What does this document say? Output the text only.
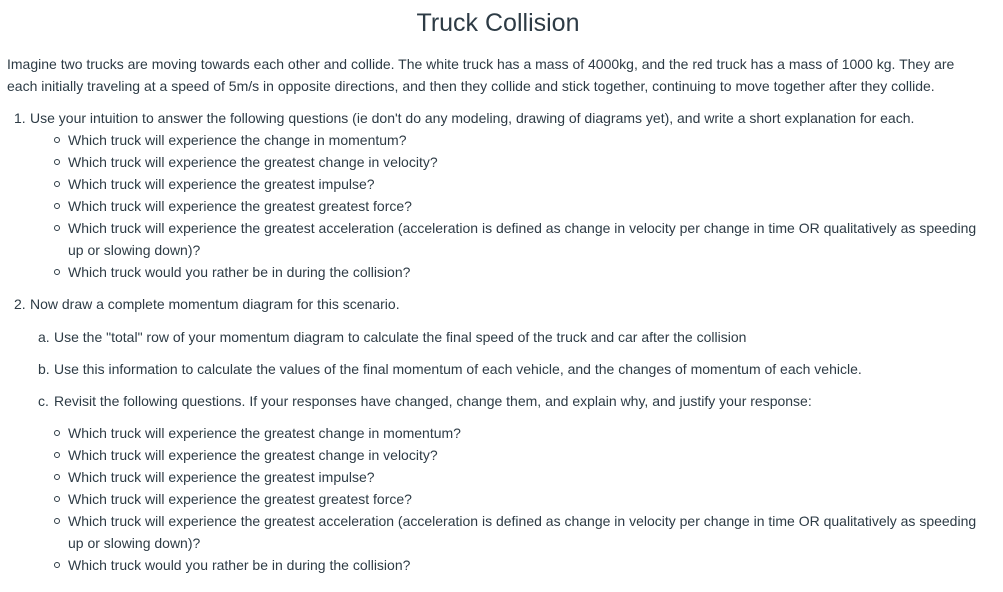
Truck Collision

Imagine two trucks are moving towards each other and collide. The white truck has a mass of 4000kg, and the red truck has a mass of 1000 kg. They are each initially traveling at a speed of 5m/s in opposite directions, and then they collide and stick together, continuing to move together after they collide.

1. Use your intuition to answer the following questions (ie don't do any modeling, drawing of diagrams yet), and write a short explanation for each.
Which truck will experience the change in momentum?
Which truck will experience the greatest change in velocity?
Which truck will experience the greatest impulse?
Which truck will experience the greatest greatest force?
Which truck will experience the greatest acceleration (acceleration is defined as change in velocity per change in time OR qualitatively as speeding up or slowing down)?
Which truck would you rather be in during the collision?
2. Now draw a complete momentum diagram for this scenario.

a. Use the "total" row of your momentum diagram to calculate the final speed of the truck and car after the collision

b. Use this information to calculate the values of the final momentum of each vehicle, and the changes of momentum of each vehicle.

c. Revisit the following questions. If your responses have changed, change them, and explain why, and justify your response:

Which truck will experience the greatest change in momentum?
Which truck will experience the greatest change in velocity?
Which truck will experience the greatest impulse?
Which truck will experience the greatest greatest force?
Which truck will experience the greatest acceleration (acceleration is defined as change in velocity per change in time OR qualitatively as speeding up or slowing down)?
Which truck would you rather be in during the collision?
